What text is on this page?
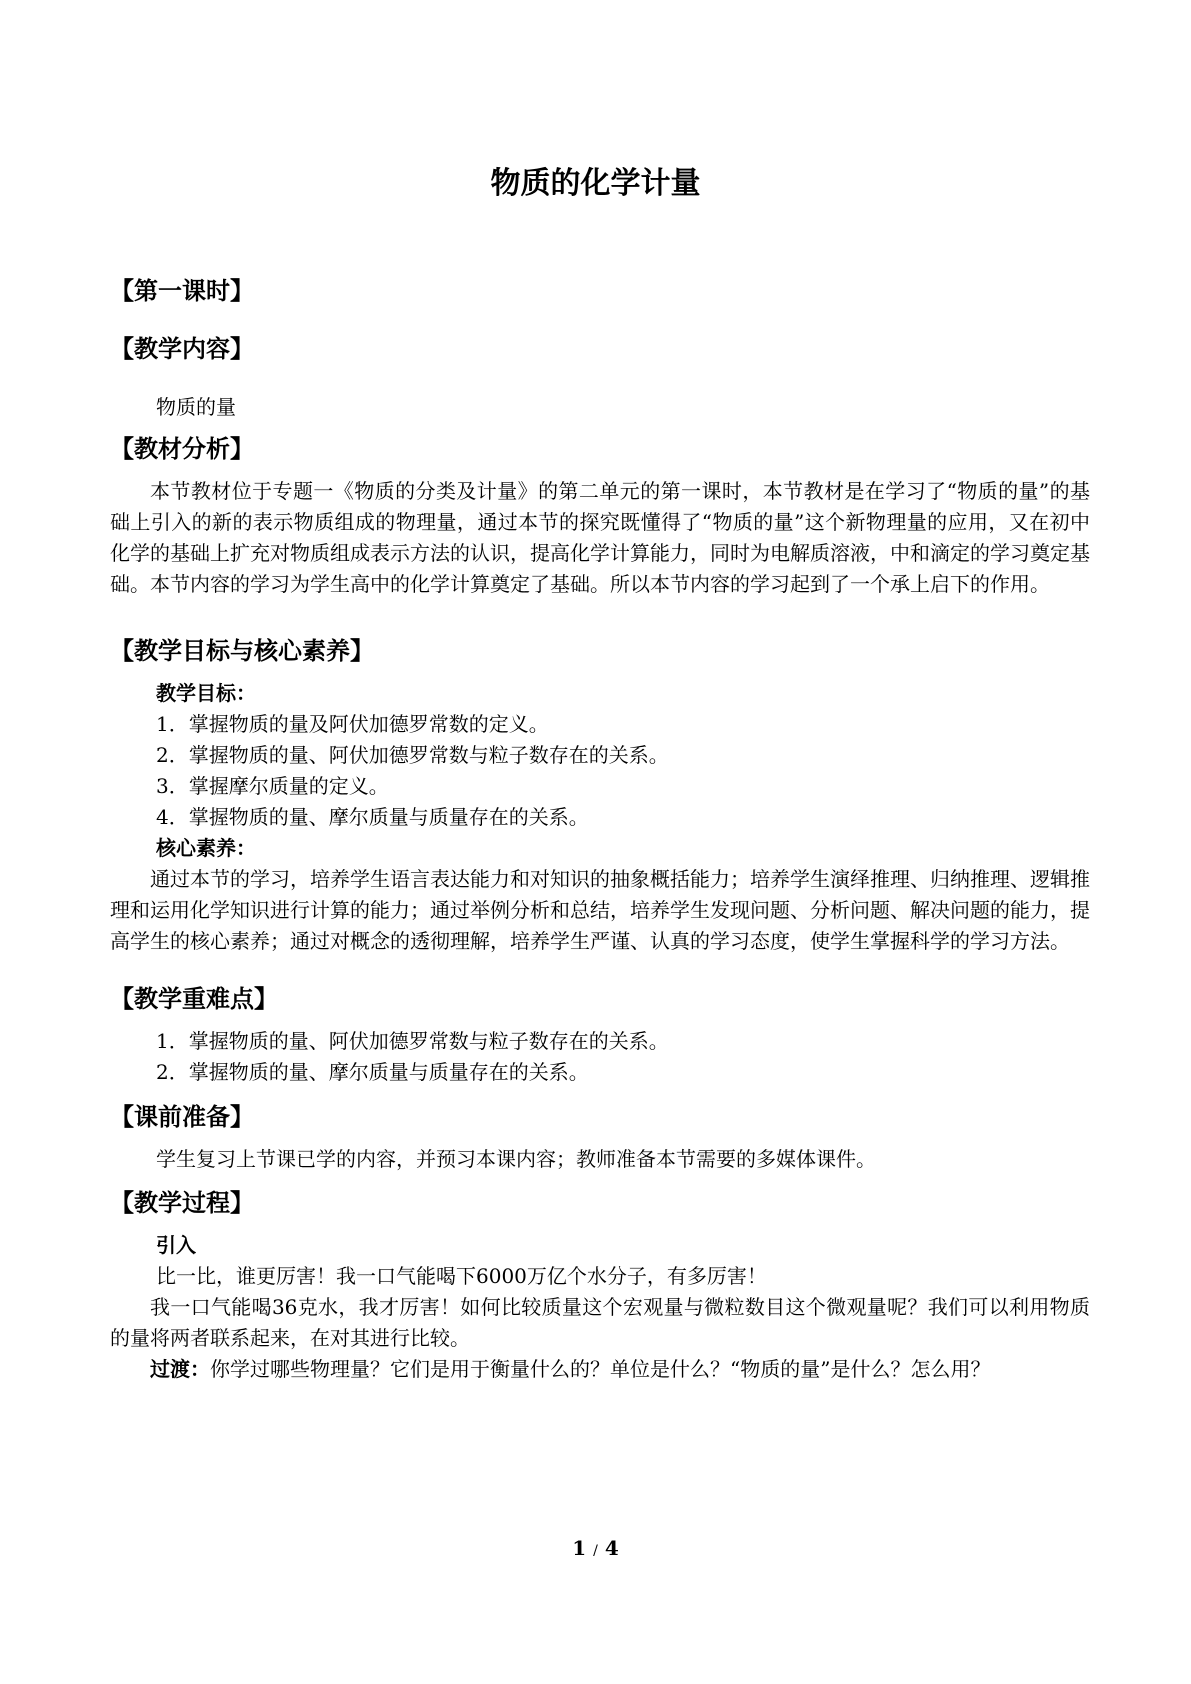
物质的化学计量
【第一课时】
【教学内容】
物质的量
【教材分析】

本节教材位于专题一《物质的分类及计量》的第二单元的第一课时，本节教材是在学习了“物质的量”的基础上引入的新的表示物质组成的物理量，通过本节的探究既懂得了“物质的量”这个新物理量的应用，又在初中化学的基础上扩充对物质组成表示方法的认识，提高化学计算能力，同时为电解质溶液，中和滴定的学习奠定基础。本节内容的学习为学生高中的化学计算奠定了基础。所以本节内容的学习起到了一个承上启下的作用。

【教学目标与核心素养】
教学目标：
1．掌握物质的量及阿伏加德罗常数的定义。
2．掌握物质的量、阿伏加德罗常数与粒子数存在的关系。
3．掌握摩尔质量的定义。
4．掌握物质的量、摩尔质量与质量存在的关系。
核心素养：

通过本节的学习，培养学生语言表达能力和对知识的抽象概括能力；培养学生演绎推理、归纳推理、逻辑推理和运用化学知识进行计算的能力；通过举例分析和总结，培养学生发现问题、分析问题、解决问题的能力，提高学生的核心素养；通过对概念的透彻理解，培养学生严谨、认真的学习态度，使学生掌握科学的学习方法。

【教学重难点】
1．掌握物质的量、阿伏加德罗常数与粒子数存在的关系。
2．掌握物质的量、摩尔质量与质量存在的关系。
【课前准备】
学生复习上节课已学的内容，并预习本课内容；教师准备本节需要的多媒体课件。
【教学过程】
引入
比一比，谁更厉害！我一口气能喝下6000万亿个水分子，有多厉害！

我一口气能喝36克水，我才厉害！如何比较质量这个宏观量与微粒数目这个微观量呢？我们可以利用物质的量将两者联系起来，在对其进行比较。

过渡：你学过哪些物理量？它们是用于衡量什么的？单位是什么？“物质的量”是什么？怎么用？

1 / 4
